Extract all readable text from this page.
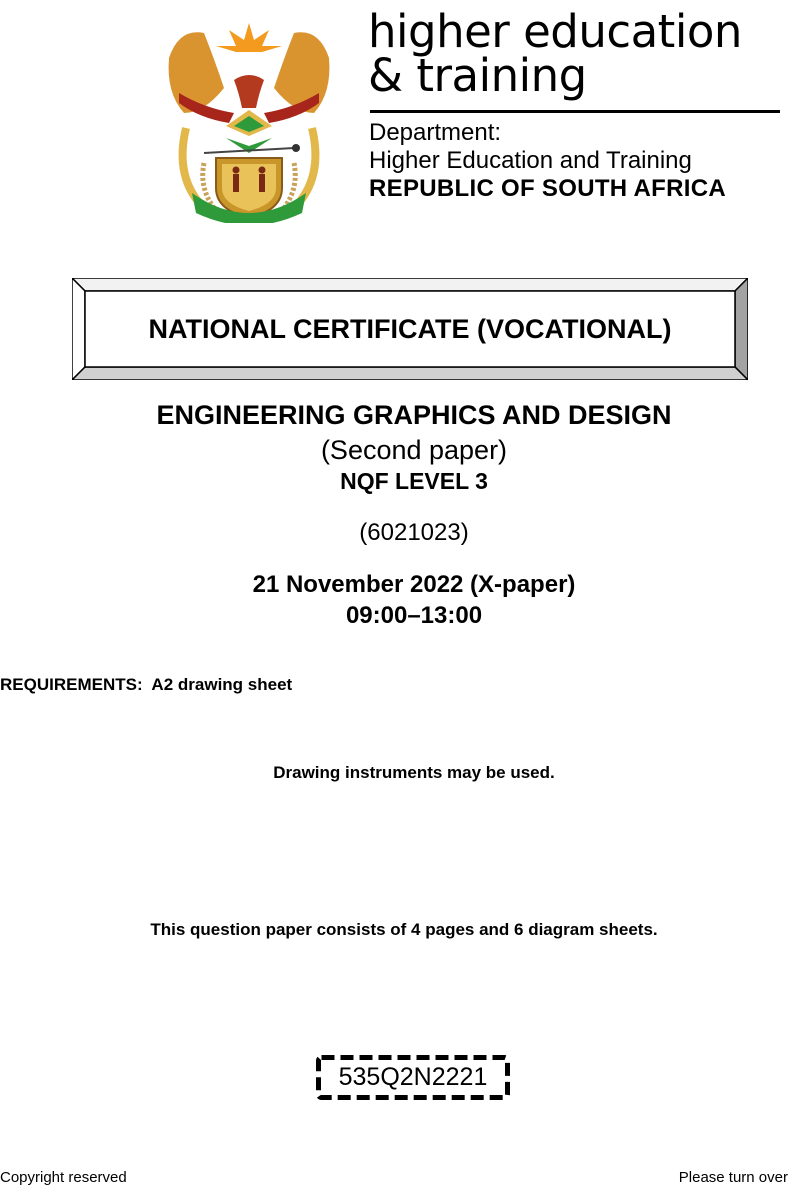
higher education
& training
Department:
Higher Education and Training
REPUBLIC OF SOUTH AFRICA
NATIONAL CERTIFICATE (VOCATIONAL)
ENGINEERING GRAPHICS AND DESIGN
(Second paper)
NQF LEVEL 3
(6021023)
21 November 2022 (X-paper)
09:00–13:00
REQUIREMENTS:  A2 drawing sheet
Drawing instruments may be used.
This question paper consists of 4 pages and 6 diagram sheets.
535Q2N2221
Copyright reserved	Please turn over
